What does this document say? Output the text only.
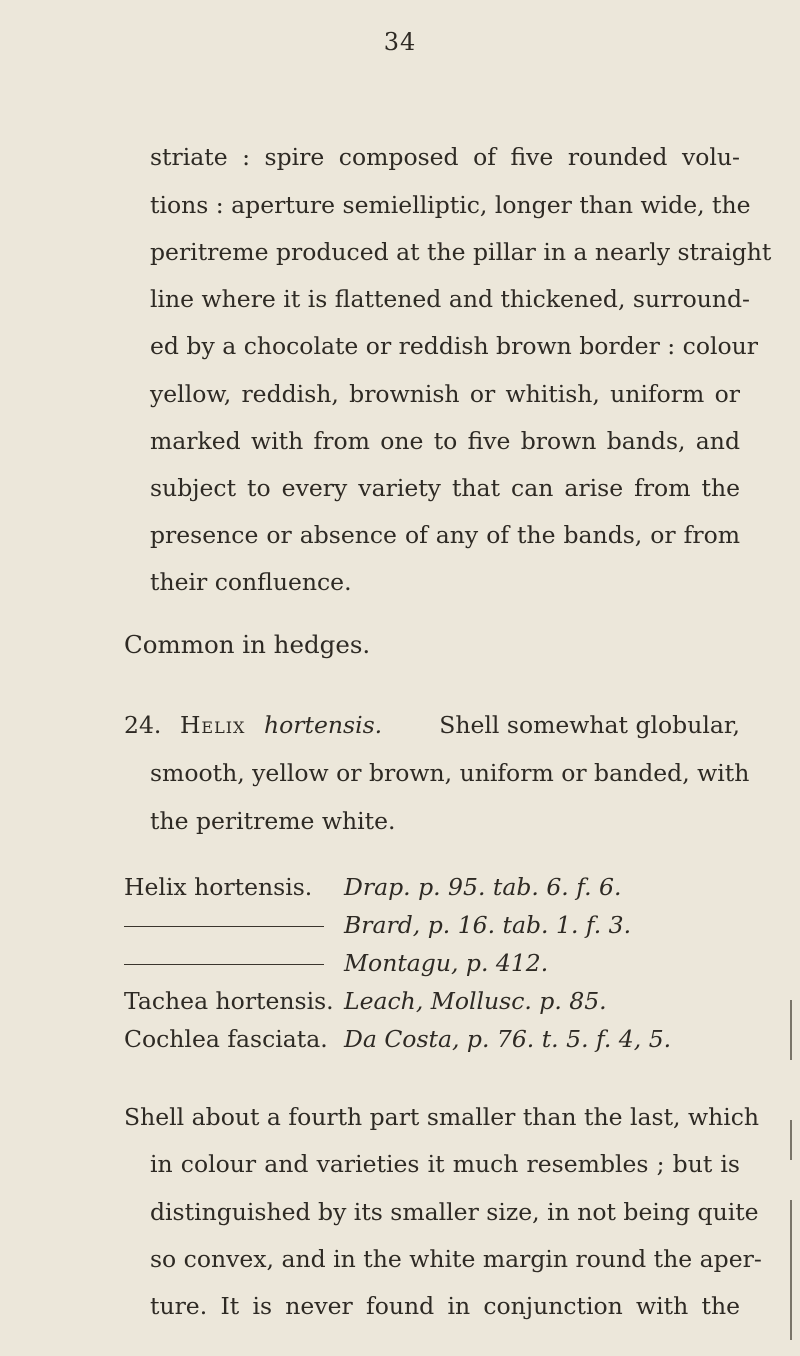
34
striate : spire composed of five rounded volu-
tions : aperture semielliptic, longer than wide, the
peritreme produced at the pillar in a nearly straight
line where it is flattened and thickened, surround-
ed by a chocolate or reddish brown border : colour
yellow, reddish, brownish or whitish, uniform or
marked with from one to five brown bands, and
subject to every variety that can arise from the
presence or absence of any of the bands, or from
their confluence.
Common in hedges.
24. Helix hortensis. Shell somewhat globular,
smooth, yellow or brown, uniform or banded, with
the peritreme white.
Helix hortensis. Drap. p. 95. tab. 6. f. 6.
Brard, p. 16. tab. 1. f. 3.
Montagu, p. 412.
Tachea hortensis. Leach, Mollusc. p. 85.
Cochlea fasciata. Da Costa, p. 76. t. 5. f. 4, 5.
Shell about a fourth part smaller than the last, which
in colour and varieties it much resembles ; but is
distinguished by its smaller size, in not being quite
so convex, and in the white margin round the aper-
ture. It is never found in conjunction with the
